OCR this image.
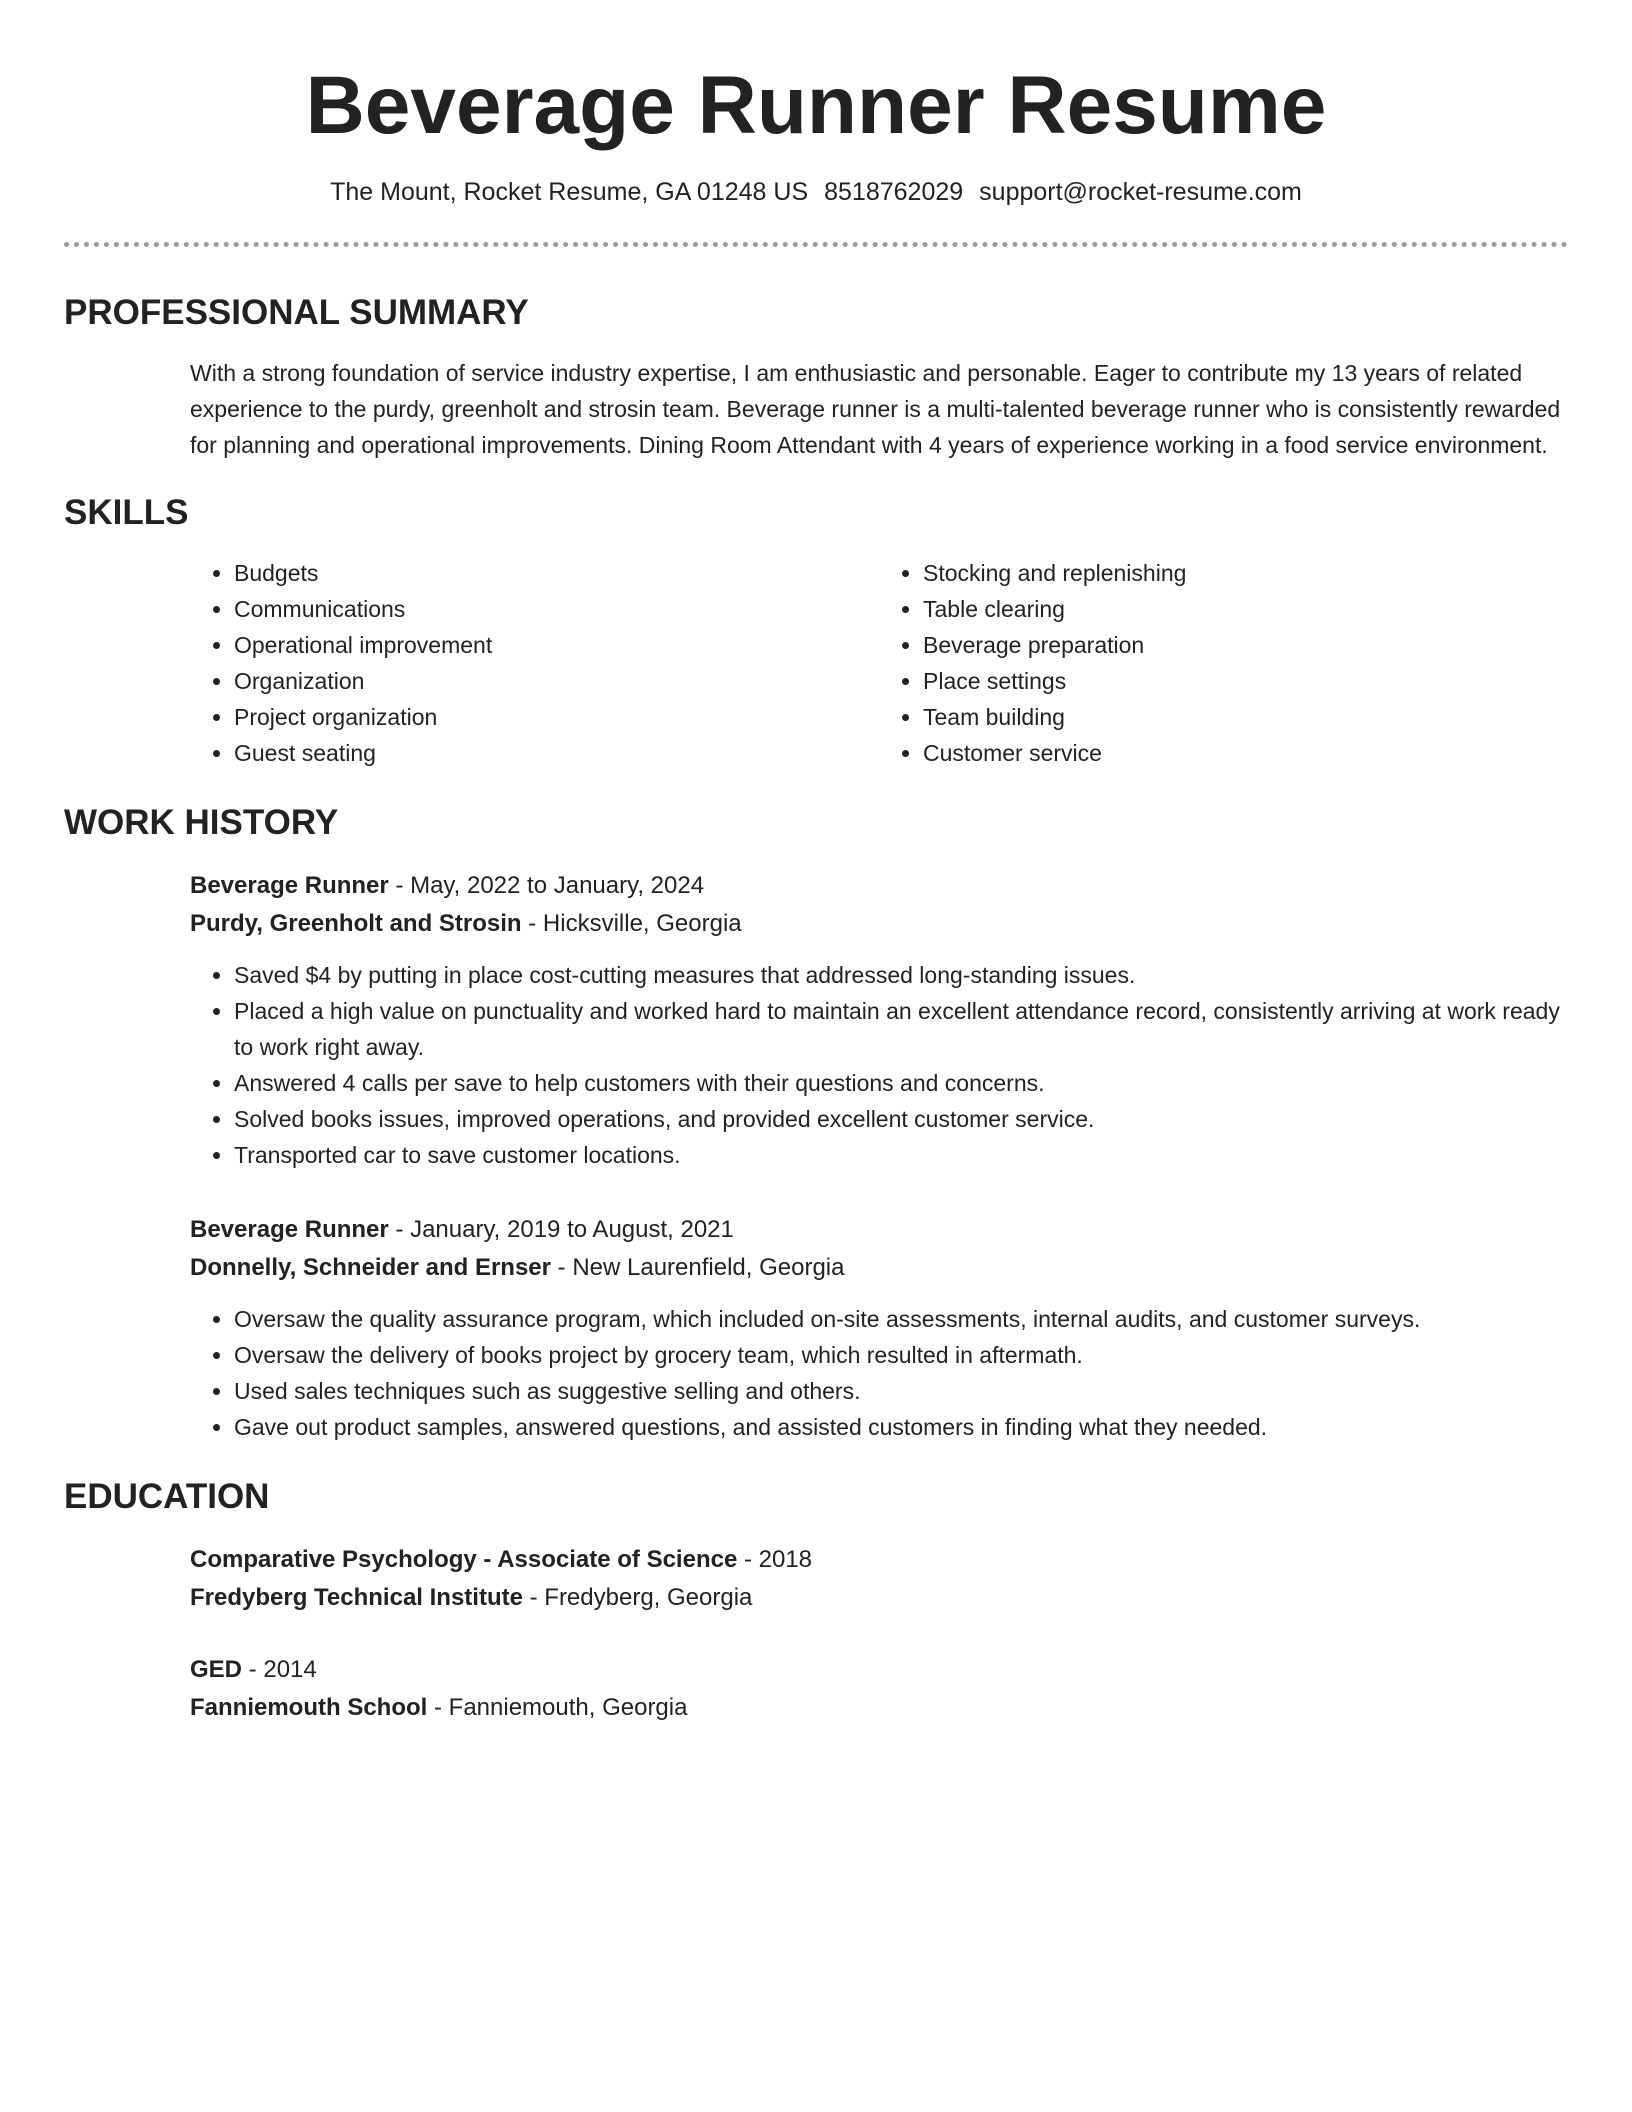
Beverage Runner Resume
The Mount, Rocket Resume, GA 01248 US 8518762029 support@rocket-resume.com
PROFESSIONAL SUMMARY
With a strong foundation of service industry expertise, I am enthusiastic and personable. Eager to contribute my 13 years of related experience to the purdy, greenholt and strosin team. Beverage runner is a multi-talented beverage runner who is consistently rewarded for planning and operational improvements. Dining Room Attendant with 4 years of experience working in a food service environment.
SKILLS
• Budgets
• Communications
• Operational improvement
• Organization
• Project organization
• Guest seating
• Stocking and replenishing
• Table clearing
• Beverage preparation
• Place settings
• Team building
• Customer service
WORK HISTORY
Beverage Runner - May, 2022 to January, 2024
Purdy, Greenholt and Strosin - Hicksville, Georgia
• Saved $4 by putting in place cost-cutting measures that addressed long-standing issues.
• Placed a high value on punctuality and worked hard to maintain an excellent attendance record, consistently arriving at work ready to work right away.
• Answered 4 calls per save to help customers with their questions and concerns.
• Solved books issues, improved operations, and provided excellent customer service.
• Transported car to save customer locations.
Beverage Runner - January, 2019 to August, 2021
Donnelly, Schneider and Ernser - New Laurenfield, Georgia
• Oversaw the quality assurance program, which included on-site assessments, internal audits, and customer surveys.
• Oversaw the delivery of books project by grocery team, which resulted in aftermath.
• Used sales techniques such as suggestive selling and others.
• Gave out product samples, answered questions, and assisted customers in finding what they needed.
EDUCATION
Comparative Psychology - Associate of Science - 2018
Fredyberg Technical Institute - Fredyberg, Georgia
GED - 2014
Fanniemouth School - Fanniemouth, Georgia
